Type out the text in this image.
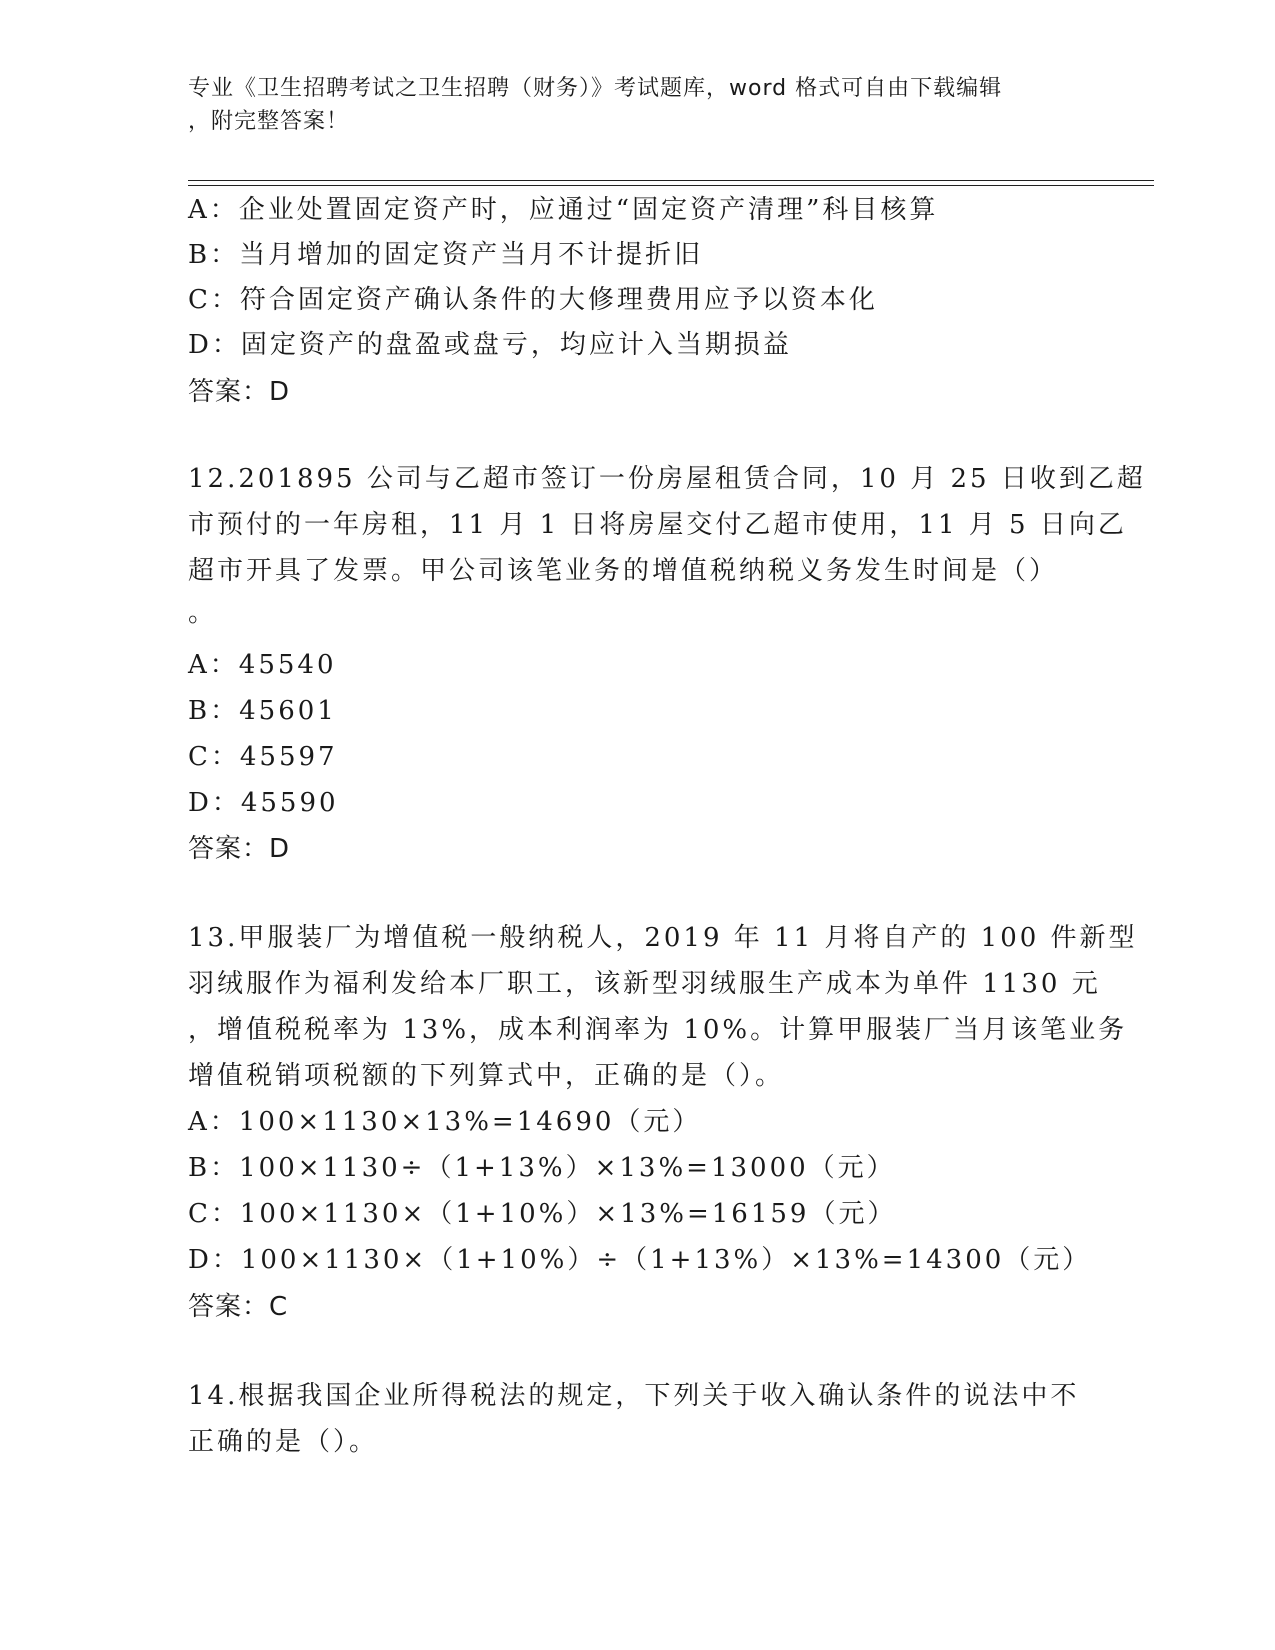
专业《卫生招聘考试之卫生招聘（财务）》考试题库，word 格式可自由下载编辑
，附完整答案！
A：企业处置固定资产时，应通过“固定资产清理”科目核算
B：当月增加的固定资产当月不计提折旧
C：符合固定资产确认条件的大修理费用应予以资本化
D：固定资产的盘盈或盘亏，均应计入当期损益
答案：D
12.201895 公司与乙超市签订一份房屋租赁合同，10 月 25 日收到乙超
市预付的一年房租，11 月 1 日将房屋交付乙超市使用，11 月 5 日向乙
超市开具了发票。甲公司该笔业务的增值税纳税义务发生时间是（）
。
A：45540
B：45601
C：45597
D：45590
答案：D
13.甲服装厂为增值税一般纳税人，2019 年 11 月将自产的 100 件新型
羽绒服作为福利发给本厂职工，该新型羽绒服生产成本为单件 1130 元
，增值税税率为 13%，成本利润率为 10%。计算甲服装厂当月该笔业务
增值税销项税额的下列算式中，正确的是（）。
A：100×1130×13%=14690（元）
B：100×1130÷（1+13%）×13%=13000（元）
C：100×1130×（1+10%）×13%=16159（元）
D：100×1130×（1+10%）÷（1+13%）×13%=14300（元）
答案：C
14.根据我国企业所得税法的规定，下列关于收入确认条件的说法中不
正确的是（）。
